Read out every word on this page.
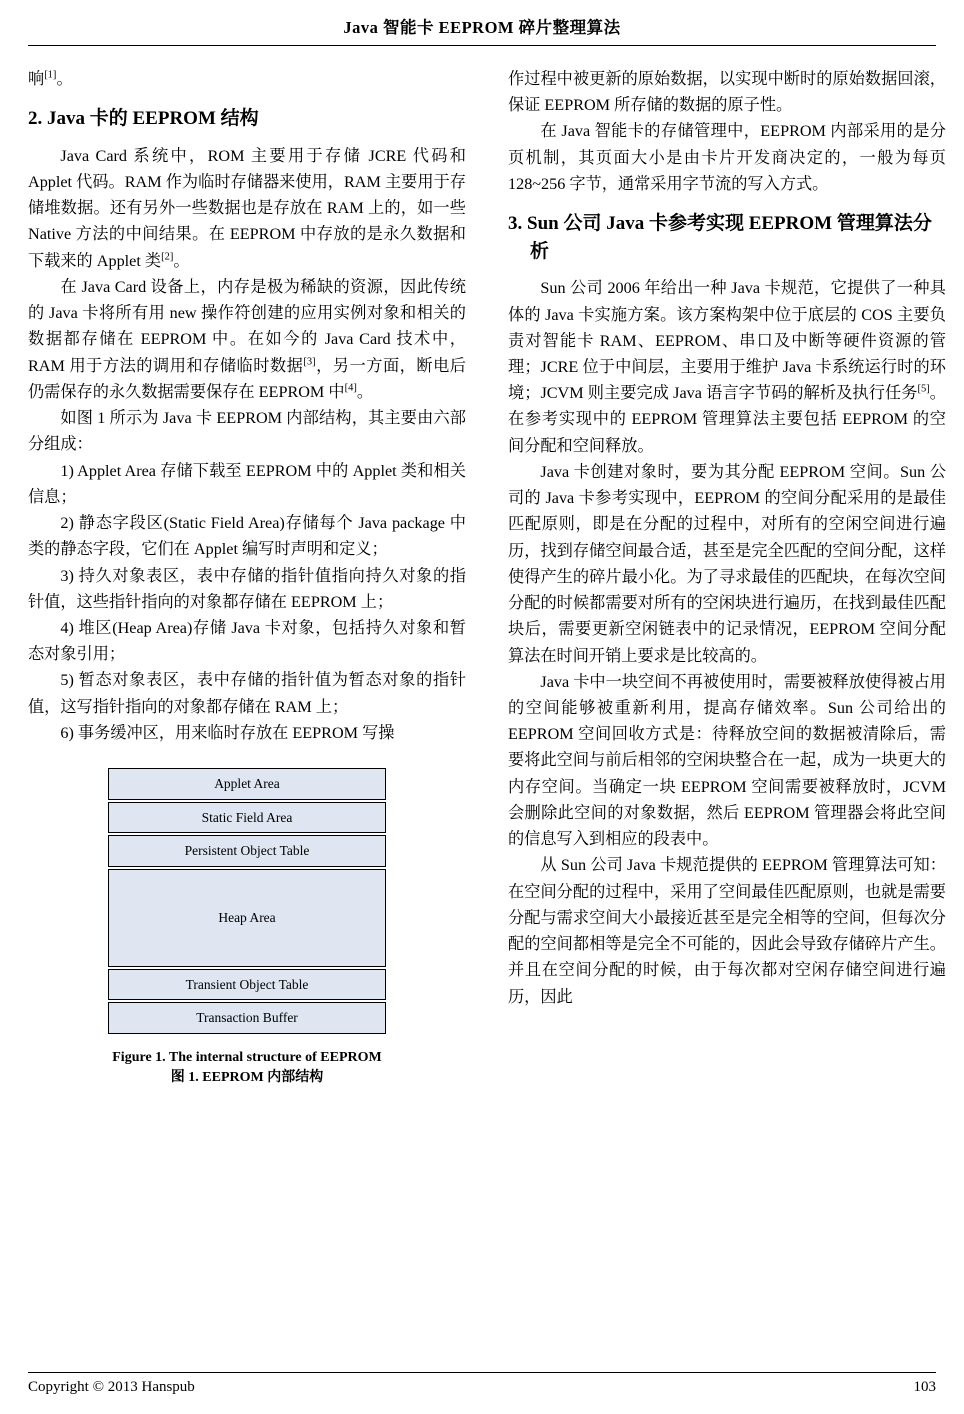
Java 智能卡 EEPROM 碎片整理算法

响[1]。

2. Java 卡的 EEPROM 结构

Java Card 系统中，ROM 主要用于存储 JCRE 代码和 Applet 代码。RAM 作为临时存储器来使用，RAM 主要用于存储堆数据。还有另外一些数据也是存放在 RAM 上的，如一些 Native 方法的中间结果。在 EEPROM 中存放的是永久数据和下载来的 Applet 类[2]。

在 Java Card 设备上，内存是极为稀缺的资源，因此传统的 Java 卡将所有用 new 操作符创建的应用实例对象和相关的数据都存储在 EEPROM 中。在如今的 Java Card 技术中，RAM 用于方法的调用和存储临时数据[3]，另一方面，断电后仍需保存的永久数据需要保存在 EEPROM 中[4]。

如图 1 所示为 Java 卡 EEPROM 内部结构，其主要由六部分组成：

1) Applet Area 存储下载至 EEPROM 中的 Applet 类和相关信息；

2) 静态字段区(Static Field Area)存储每个 Java package 中类的静态字段，它们在 Applet 编写时声明和定义；

3) 持久对象表区，表中存储的指针值指向持久对象的指针值，这些指针指向的对象都存储在 EEPROM 上；

4) 堆区(Heap Area)存储 Java 卡对象，包括持久对象和暂态对象引用；

5) 暂态对象表区，表中存储的指针值为暂态对象的指针值，这写指针指向的对象都存储在 RAM 上；

6) 事务缓冲区，用来临时存放在 EEPROM 写操

Applet Area
Static Field Area
Persistent Object Table
Heap Area
Transient Object Table
Transaction Buffer
Figure 1. The internal structure of EEPROM
图 1. EEPROM 内部结构

作过程中被更新的原始数据，以实现中断时的原始数据回滚，保证 EEPROM 所存储的数据的原子性。

在 Java 智能卡的存储管理中，EEPROM 内部采用的是分页机制，其页面大小是由卡片开发商决定的，一般为每页 128~256 字节，通常采用字节流的写入方式。

3. Sun 公司 Java 卡参考实现 EEPROM 管理算法分析

Sun 公司 2006 年给出一种 Java 卡规范，它提供了一种具体的 Java 卡实施方案。该方案构架中位于底层的 COS 主要负责对智能卡 RAM、EEPROM、串口及中断等硬件资源的管理；JCRE 位于中间层，主要用于维护 Java 卡系统运行时的环境；JCVM 则主要完成 Java 语言字节码的解析及执行任务[5]。在参考实现中的 EEPROM 管理算法主要包括 EEPROM 的空间分配和空间释放。

Java 卡创建对象时，要为其分配 EEPROM 空间。Sun 公司的 Java 卡参考实现中，EEPROM 的空间分配采用的是最佳匹配原则，即是在分配的过程中，对所有的空闲空间进行遍历，找到存储空间最合适，甚至是完全匹配的空间分配，这样使得产生的碎片最小化。为了寻求最佳的匹配块，在每次空间分配的时候都需要对所有的空闲块进行遍历，在找到最佳匹配块后，需要更新空闲链表中的记录情况，EEPROM 空间分配算法在时间开销上要求是比较高的。

Java 卡中一块空间不再被使用时，需要被释放使得被占用的空间能够被重新利用，提高存储效率。Sun 公司给出的 EEPROM 空间回收方式是：待释放空间的数据被清除后，需要将此空间与前后相邻的空闲块整合在一起，成为一块更大的内存空间。当确定一块 EEPROM 空间需要被释放时，JCVM 会删除此空间的对象数据，然后 EEPROM 管理器会将此空间的信息写入到相应的段表中。

从 Sun 公司 Java 卡规范提供的 EEPROM 管理算法可知：在空间分配的过程中，采用了空间最佳匹配原则，也就是需要分配与需求空间大小最接近甚至是完全相等的空间，但每次分配的空间都相等是完全不可能的，因此会导致存储碎片产生。并且在空间分配的时候，由于每次都对空闲存储空间进行遍历，因此

Copyright © 2013 Hanspub	103
